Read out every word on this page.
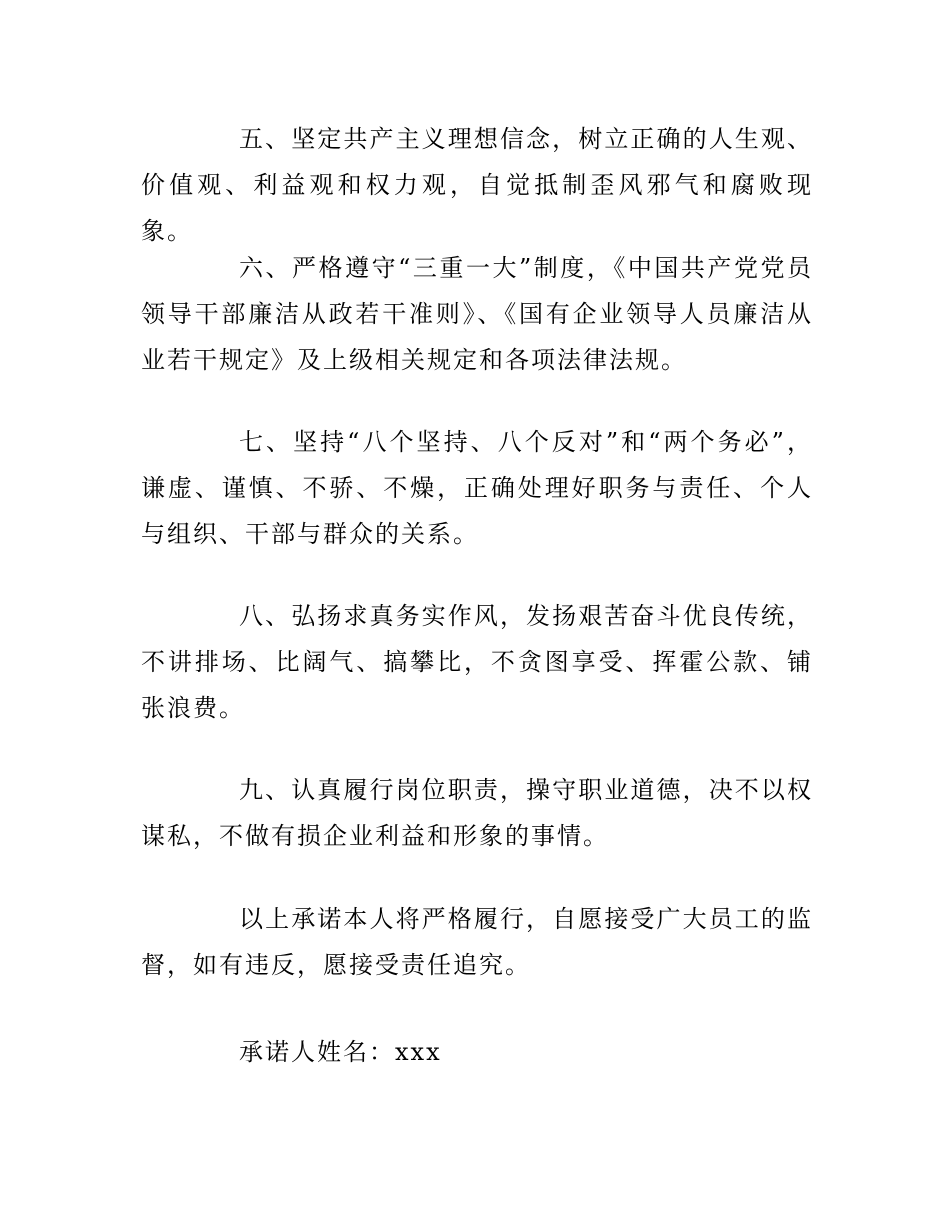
五、坚定共产主义理想信念，树立正确的人生观、价值观、利益观和权力观，自觉抵制歪风邪气和腐败现象。

六、严格遵守“三重一大”制度，《中国共产党党员领导干部廉洁从政若干准则》、《国有企业领导人员廉洁从业若干规定》及上级相关规定和各项法律法规。

七、坚持“八个坚持、八个反对”和“两个务必”，谦虚、谨慎、不骄、不燥，正确处理好职务与责任、个人与组织、干部与群众的关系。

八、弘扬求真务实作风，发扬艰苦奋斗优良传统，不讲排场、比阔气、搞攀比，不贪图享受、挥霍公款、铺张浪费。

九、认真履行岗位职责，操守职业道德，决不以权谋私，不做有损企业利益和形象的事情。

以上承诺本人将严格履行，自愿接受广大员工的监督，如有违反，愿接受责任追究。

承诺人姓名：xxx
